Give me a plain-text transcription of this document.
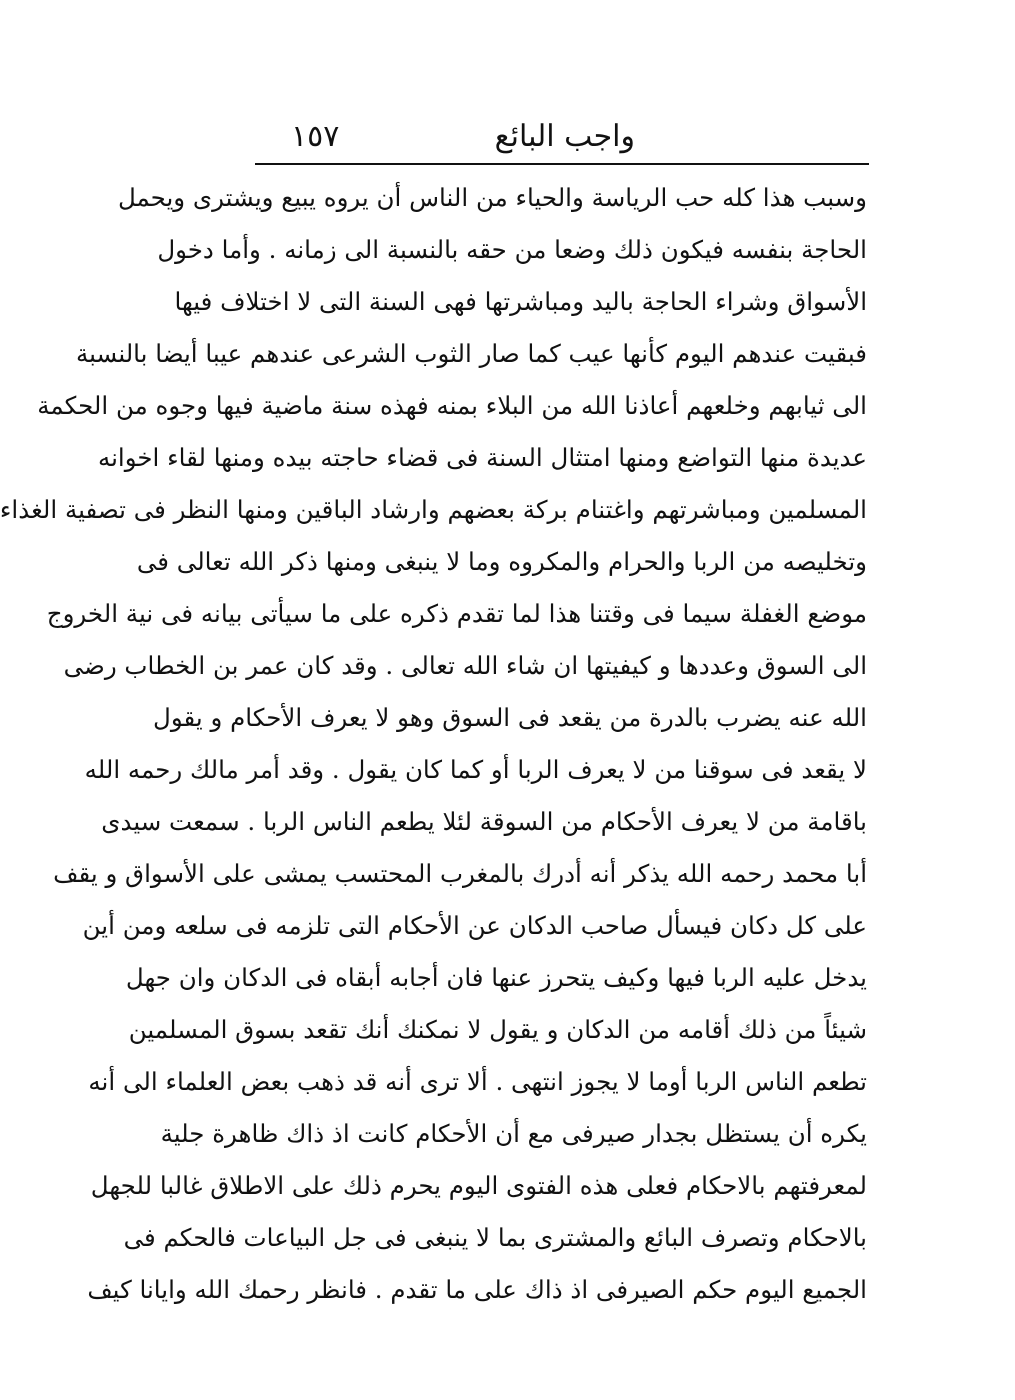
واجب البائع
١٥٧
وسبب هذا كله حب الرياسة والحياء من الناس أن يروه يبيع ويشترى ويحمل
الحاجة بنفسه فيكون ذلك وضعا من حقه بالنسبة الى زمانه . وأما دخول
الأسواق وشراء الحاجة باليد ومباشرتها فهى السنة التى لا اختلاف فيها
فبقيت عندهم اليوم كأنها عيب كما صار الثوب الشرعى عندهم عيبا أيضا بالنسبة
الى ثيابهم وخلعهم أعاذنا الله من البلاء بمنه فهذه سنة ماضية فيها وجوه من الحكمة
عديدة منها التواضع ومنها امتثال السنة فى قضاء حاجته بيده ومنها لقاء اخوانه
المسلمين ومباشرتهم واغتنام بركة بعضهم وارشاد الباقين ومنها النظر فى تصفية الغذاء
وتخليصه من الربا والحرام والمكروه وما لا ينبغى ومنها ذكر الله تعالى فى
موضع الغفلة سيما فى وقتنا هذا لما تقدم ذكره على ما سيأتى بيانه فى نية الخروج
الى السوق وعددها و كيفيتها ان شاء الله تعالى . وقد كان عمر بن الخطاب رضى
الله عنه يضرب بالدرة من يقعد فى السوق وهو لا يعرف الأحكام و يقول
لا يقعد فى سوقنا من لا يعرف الربا أو كما كان يقول . وقد أمر مالك رحمه الله
باقامة من لا يعرف الأحكام من السوقة لئلا يطعم الناس الربا . سمعت سيدى
أبا محمد رحمه الله يذكر أنه أدرك بالمغرب المحتسب يمشى على الأسواق و يقف
على كل دكان فيسأل صاحب الدكان عن الأحكام التى تلزمه فى سلعه ومن أين
يدخل عليه الربا فيها وكيف يتحرز عنها فان أجابه أبقاه فى الدكان وان جهل
شيئاً من ذلك أقامه من الدكان و يقول لا نمكنك أنك تقعد بسوق المسلمين
تطعم الناس الربا أوما لا يجوز انتهى . ألا ترى أنه قد ذهب بعض العلماء الى أنه
يكره أن يستظل بجدار صيرفى مع أن الأحكام كانت اذ ذاك ظاهرة جلية
لمعرفتهم بالاحكام فعلى هذه الفتوى اليوم يحرم ذلك على الاطلاق غالبا للجهل
بالاحكام وتصرف البائع والمشترى بما لا ينبغى فى جل البياعات فالحكم فى
الجميع اليوم حكم الصيرفى اذ ذاك على ما تقدم . فانظر رحمك الله وايانا كيف
